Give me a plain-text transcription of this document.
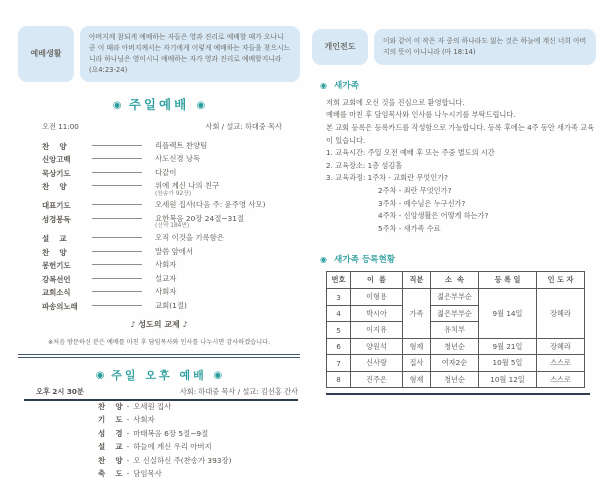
예배생활
아버지께 참되게 예배하는 자들은 영과 진리로 예배할 때가 오나니 곧 이 때라 아버지께서는 자기에게 이렇게 예배하는 자들을 찾으시느니라 하나님은 영이시니 예배하는 자가 영과 진리로 예배할지니라 (요4:23-24)
◉ 주일예배 ◉
오전 11:00	사회 / 설교: 하대중 목사
찬    양	리플렉트 찬양팀
신앙고백	사도신경 낭독
묵상기도	다같이
찬    양	위에 계신 나의 친구
(찬송가 92장)
대표기도	오세원 집사(다음 주: 윤주영 사모)
성경봉독	요한복음 20장 24절~31절
(신약 184면)
설    교	오직 이것을 기록함은
찬    양	말씀 앞에서
봉헌기도	사회자
강복선언	설교자
교회소식	사회자
파송의노래	교회(1절)
♪ 성도의 교제 ♪
※처음 방문하신 분은 예배를 마친 후 담임목사와 인사를 나누시면 감사하겠습니다.
◉ 주일 오후 예배 ◉
오후 2시 30분	사회: 하대중 목사 / 설교: 김선홍 간사
찬    양 - 오세원 집사
기    도 - 사회자
성    경 - 마태복음 6장 5절~9절
설    교 - 하늘에 계신 우리 아버지
찬    양 - 오 신실하신 주(찬송가 393장)
축    도 - 담임목사
개인전도
이와 같이 이 작은 자 중의 하나라도 잃는 것은 하늘에 계신 너희 아버지의 뜻이 아니니라 (마 18:14)
◉ 새가족
저희 교회에 오신 것을 진심으로 환영합니다.
예배를 마친 후 담임목사와 인사를 나누시기를 부탁드립니다.
본 교회 등록은 등록카드를 작성함으로 가능합니다. 등록 후에는 4주 동안 새가족 교육이 있습니다.
1. 교육시간: 주일 오전 예배 후 또는 주중 별도의 시간
2. 교육장소: 1층 섬김홀
3. 교육과정: 1주차 - 교회란 무엇인가?
2주차 - 죄란 무엇인가?
3주차 - 예수님은 누구신가?
4주차 - 신앙생활은 어떻게 하는가?
5주차 - 새가족 수료
◉ 새가족 등록현황
번호	이  름	직분	소  속	등 록 일	인 도 자
3	이형용	가족	젊은부부순	9월 14일	장혜라
4	박시아		젊은부부순		
5	이지유		유치부		
6	양원석	형제	청년순	9월 21일	장혜라
7	신사랑	집사	여자2순	10월 5일	스스로
8	진주은	형제	청년순	10월 12일	스스로
